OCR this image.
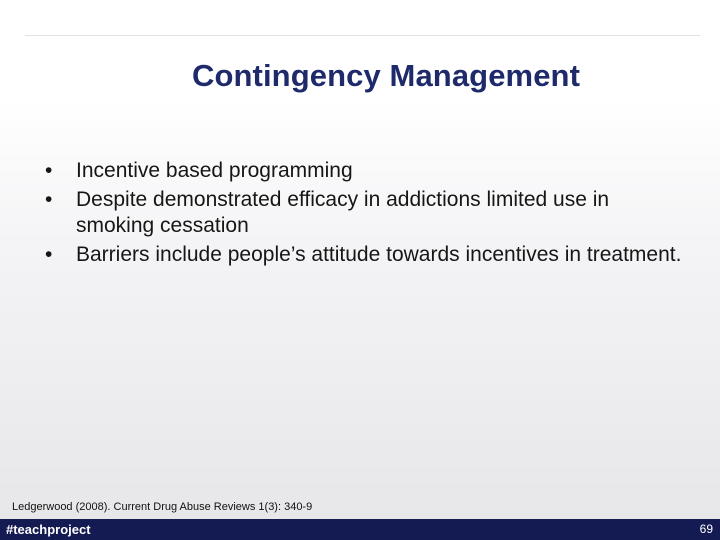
Contingency Management
• Incentive based programming
• Despite demonstrated efficacy in addictions limited use in smoking cessation
• Barriers include people’s attitude towards incentives in treatment.
Ledgerwood (2008). Current Drug Abuse Reviews 1(3): 340-9
#teachproject	69
